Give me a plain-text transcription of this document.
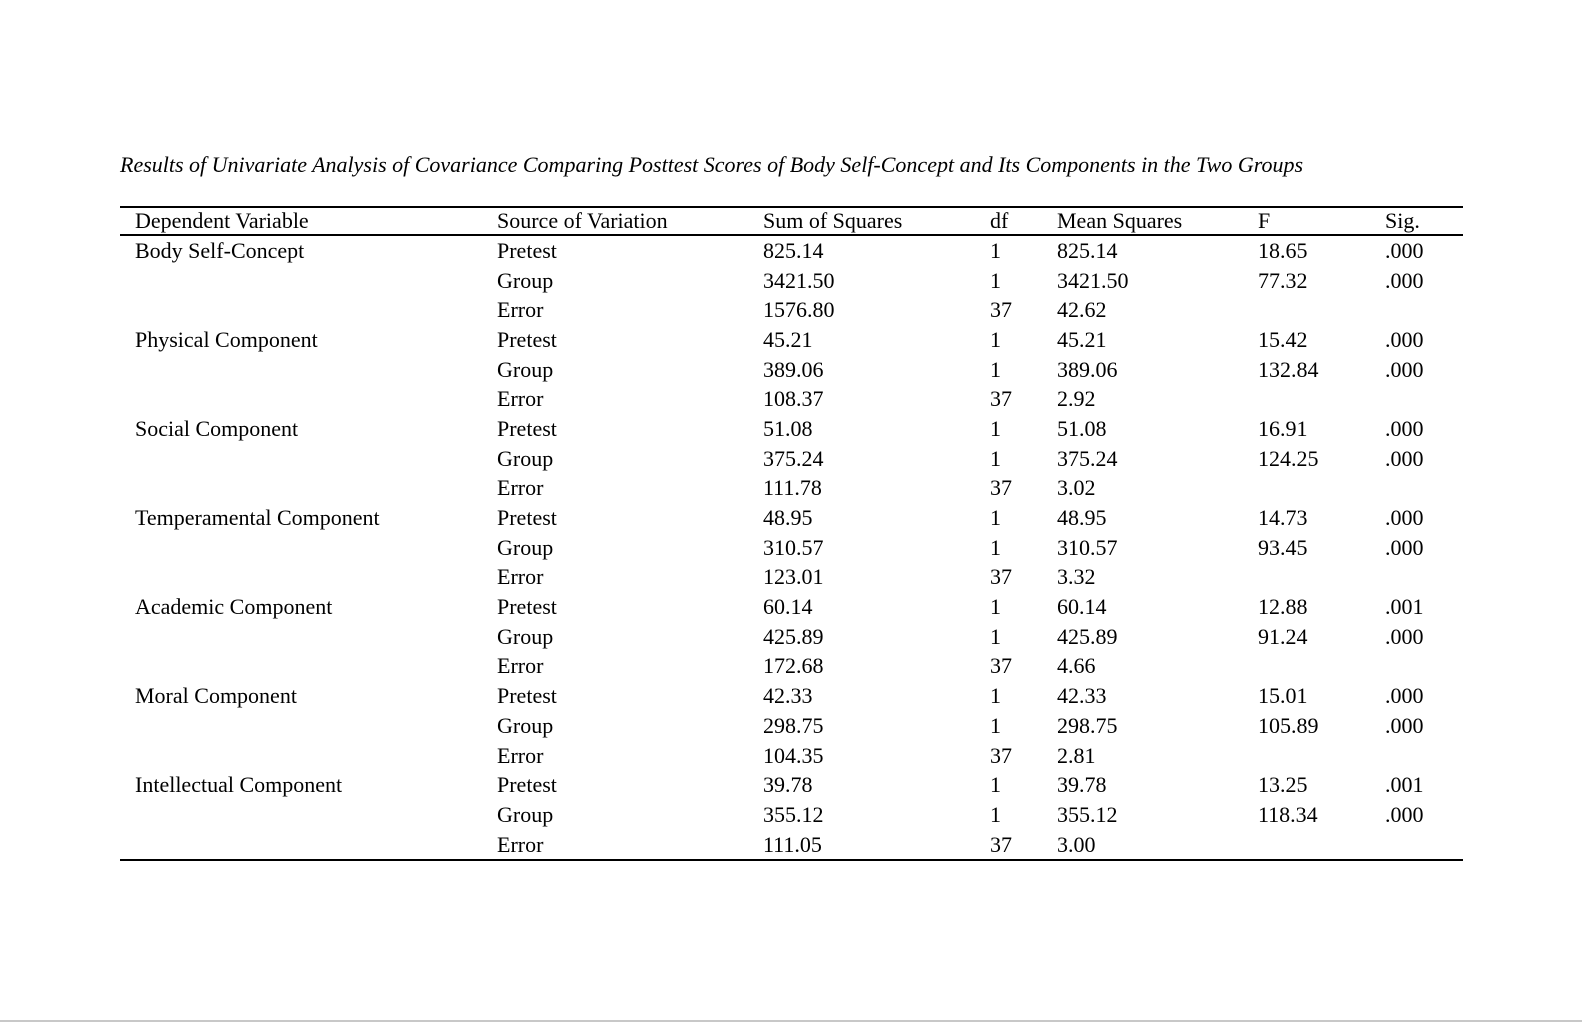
Results of Univariate Analysis of Covariance Comparing Posttest Scores of Body Self-Concept and Its Components in the Two Groups
Dependent Variable	Source of Variation	Sum of Squares	df	Mean Squares	F	Sig.
Body Self-Concept	Pretest	825.14	1	825.14	18.65	.000
	Group	3421.50	1	3421.50	77.32	.000
	Error	1576.80	37	42.62		
Physical Component	Pretest	45.21	1	45.21	15.42	.000
	Group	389.06	1	389.06	132.84	.000
	Error	108.37	37	2.92		
Social Component	Pretest	51.08	1	51.08	16.91	.000
	Group	375.24	1	375.24	124.25	.000
	Error	111.78	37	3.02		
Temperamental Component	Pretest	48.95	1	48.95	14.73	.000
	Group	310.57	1	310.57	93.45	.000
	Error	123.01	37	3.32		
Academic Component	Pretest	60.14	1	60.14	12.88	.001
	Group	425.89	1	425.89	91.24	.000
	Error	172.68	37	4.66		
Moral Component	Pretest	42.33	1	42.33	15.01	.000
	Group	298.75	1	298.75	105.89	.000
	Error	104.35	37	2.81		
Intellectual Component	Pretest	39.78	1	39.78	13.25	.001
	Group	355.12	1	355.12	118.34	.000
	Error	111.05	37	3.00		
